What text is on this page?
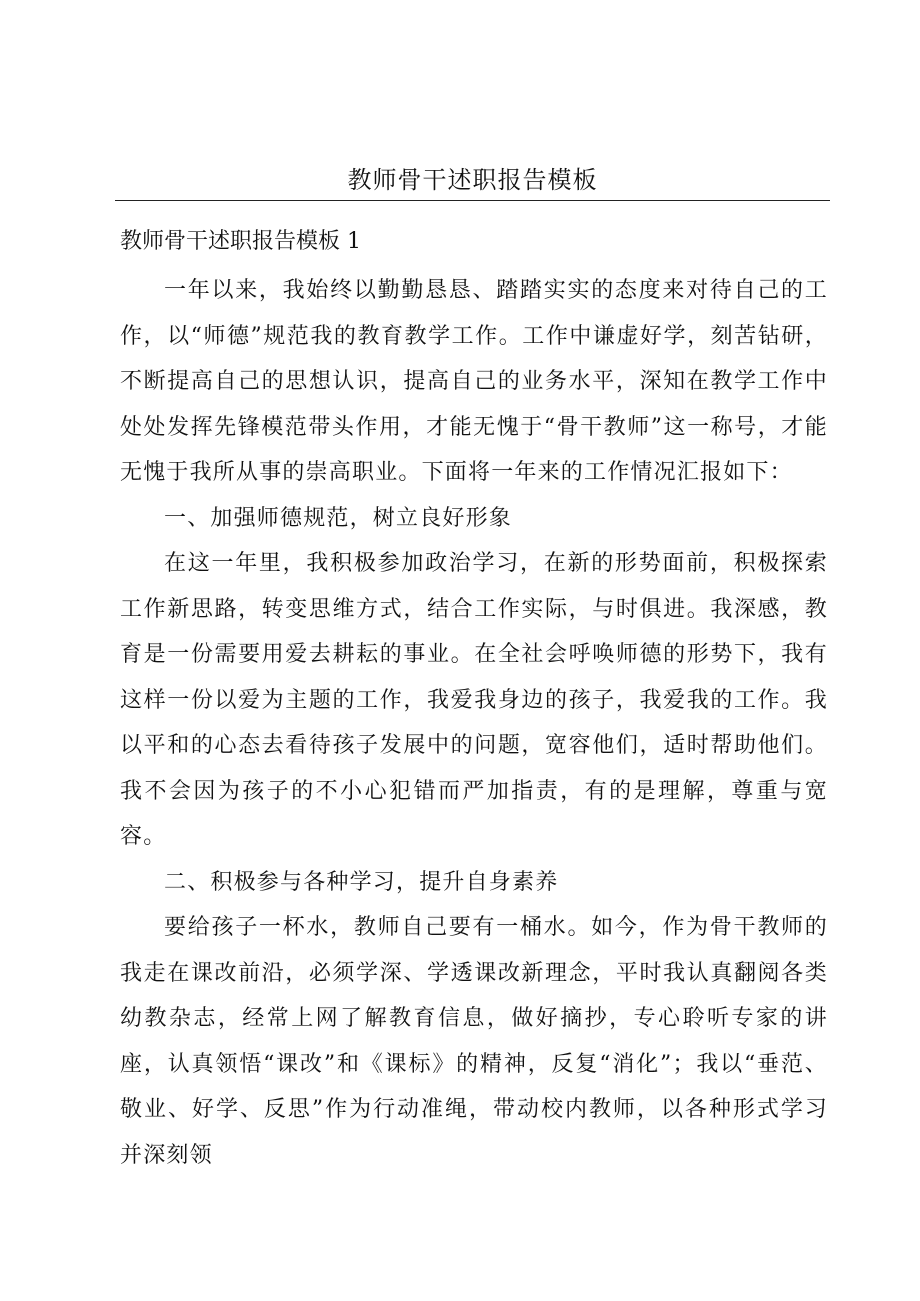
教师骨干述职报告模板
教师骨干述职报告模板 1

一年以来，我始终以勤勤恳恳、踏踏实实的态度来对待自己的工作，以“师德”规范我的教育教学工作。工作中谦虚好学，刻苦钻研，不断提高自己的思想认识，提高自己的业务水平，深知在教学工作中处处发挥先锋模范带头作用，才能无愧于“骨干教师”这一称号，才能无愧于我所从事的崇高职业。下面将一年来的工作情况汇报如下：

一、加强师德规范，树立良好形象

在这一年里，我积极参加政治学习，在新的形势面前，积极探索工作新思路，转变思维方式，结合工作实际，与时俱进。我深感，教育是一份需要用爱去耕耘的事业。在全社会呼唤师德的形势下，我有这样一份以爱为主题的工作，我爱我身边的孩子，我爱我的工作。我以平和的心态去看待孩子发展中的问题，宽容他们，适时帮助他们。我不会因为孩子的不小心犯错而严加指责，有的是理解，尊重与宽容。

二、积极参与各种学习，提升自身素养

要给孩子一杯水，教师自己要有一桶水。如今，作为骨干教师的我走在课改前沿，必须学深、学透课改新理念，平时我认真翻阅各类幼教杂志，经常上网了解教育信息，做好摘抄，专心聆听专家的讲座，认真领悟“课改”和《课标》的精神，反复“消化”；我以“垂范、敬业、好学、反思”作为行动准绳，带动校内教师，以各种形式学习并深刻领
